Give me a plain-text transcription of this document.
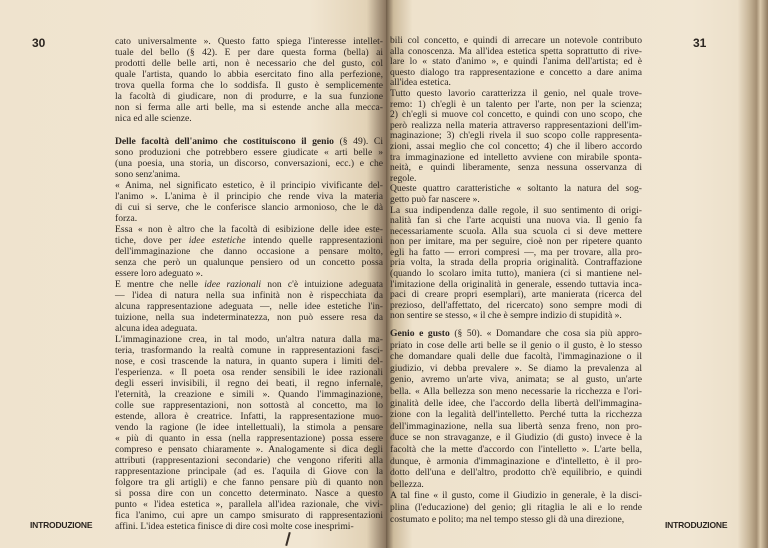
30	cato universalmente ». Questo fatto spiega l'interesse intellet-
tuale del bello (§ 42). E per dare questa forma (bella) ai
prodotti delle belle arti, non è necessario che del gusto, col
quale l'artista, quando lo abbia esercitato fino alla perfezione,
trova quella forma che lo soddisfa. Il gusto è semplicemente
la facoltà di giudicare, non di produrre, e la sua funzione
non si ferma alle arti belle, ma si estende anche alla mecca-
nica ed alle scienze.
Delle facoltà dell'animo che costituiscono il genio (§ 49). Ci
sono produzioni che potrebbero essere giudicate « arti belle »
(una poesia, una storia, un discorso, conversazioni, ecc.) e che
sono senz'anima.
« Anima, nel significato estetico, è il principio vivificante del-
l'animo ». L'anima è il principio che rende viva la materia
di cui si serve, che le conferisce slancio armonioso, che le dà
forza.
Essa « non è altro che la facoltà di esibizione delle idee este-
tiche, dove per idee estetiche intendo quelle rappresentazioni
dell'immaginazione che danno occasione a pensare molto,
senza che però un qualunque pensiero od un concetto possa
essere loro adeguato ».
E mentre che nelle idee razionali non c'è intuizione adeguata
— l'idea di natura nella sua infinità non è rispecchiata da
alcuna rappresentazione adeguata —, nelle idee estetiche l'in-
tuizione, nella sua indeterminatezza, non può essere resa da
alcuna idea adeguata.
L'immaginazione crea, in tal modo, un'altra natura dalla ma-
teria, trasformando la realtà comune in rappresentazioni fasci-
nose, e così trascende la natura, in quanto supera i limiti del-
l'esperienza. « Il poeta osa render sensibili le idee razionali
degli esseri invisibili, il regno dei beati, il regno infernale,
l'eternità, la creazione e simili ». Quando l'immaginazione,
colle sue rappresentazioni, non sottostà al concetto, ma lo
estende, allora è creatrice. Infatti, la rappresentazione muo-
vendo la ragione (le idee intellettuali), la stimola a pensare
« più di quanto in essa (nella rappresentazione) possa essere
compreso e pensato chiaramente ». Analogamente si dica degli
attributi (rappresentazioni secondarie) che vengono riferiti alla
rappresentazione principale (ad es. l'aquila di Giove con la
folgore tra gli artigli) e che fanno pensare più di quanto non
si possa dire con un concetto determinato. Nasce a questo
punto « l'idea estetica », parallela all'idea razionale, che vivi-
fica l'animo, cui apre un campo smisurato di rappresentazioni
affini. L'idea estetica finisce di dire così molte cose inesprimi-
INTRODUZIONE
31
bili col concetto, e quindi di arrecare un notevole contributo
alla conoscenza. Ma all'idea estetica spetta soprattutto di rive-
lare lo « stato d'animo », e quindi l'anima dell'artista; ed è
questo dialogo tra rappresentazione e concetto a dare anima
all'idea estetica.
Tutto questo lavorio caratterizza il genio, nel quale trove-
remo: 1) ch'egli è un talento per l'arte, non per la scienza;
2) ch'egli si muove col concetto, e quindi con uno scopo, che
però realizza nella materia attraverso rappresentazioni dell'im-
maginazione; 3) ch'egli rivela il suo scopo colle rappresenta-
zioni, assai meglio che col concetto; 4) che il libero accordo
tra immaginazione ed intelletto avviene con mirabile sponta-
neità, e quindi liberamente, senza nessuna osservanza di
regole.
Queste quattro caratteristiche « soltanto la natura del sog-
getto può far nascere ».
La sua indipendenza dalle regole, il suo sentimento di origi-
nalità fan sì che l'arte acquisti una nuova via. Il genio fa
necessariamente scuola. Alla sua scuola ci si deve mettere
non per imitare, ma per seguire, cioè non per ripetere quanto
egli ha fatto — errori compresi —, ma per trovare, alla pro-
pria volta, la strada della propria originalità. Contraffazione
(quando lo scolaro imita tutto), maniera (ci si mantiene nel-
l'imitazione della originalità in generale, essendo tuttavia inca-
paci di creare propri esemplari), arte manierata (ricerca del
prezioso, dell'affettato, del ricercato) sono sempre modi di
non sentire se stesso, « il che è sempre indizio di stupidità ».
Genio e gusto (§ 50). « Domandare che cosa sia più appro-
priato in cose delle arti belle se il genio o il gusto, è lo stesso
che domandare quali delle due facoltà, l'immaginazione o il
giudizio, vi debba prevalere ». Se diamo la prevalenza al
genio, avremo un'arte viva, animata; se al gusto, un'arte
bella. « Alla bellezza son meno necessarie la ricchezza e l'ori-
ginalità delle idee, che l'accordo della libertà dell'immagina-
zione con la legalità dell'intelletto. Perché tutta la ricchezza
dell'immaginazione, nella sua libertà senza freno, non pro-
duce se non stravaganze, e il Giudizio (di gusto) invece è la
facoltà che la mette d'accordo con l'intelletto ». L'arte bella,
dunque, è armonia d'immaginazione e d'intelletto, è il pro-
dotto dell'una e dell'altro, prodotto ch'è equilibrio, e quindi
bellezza.
A tal fine « il gusto, come il Giudizio in generale, è la disci-
plina (l'educazione) del genio; gli ritaglia le ali e lo rende
costumato e polito; ma nel tempo stesso gli dà una direzione,
INTRODUZIONE
